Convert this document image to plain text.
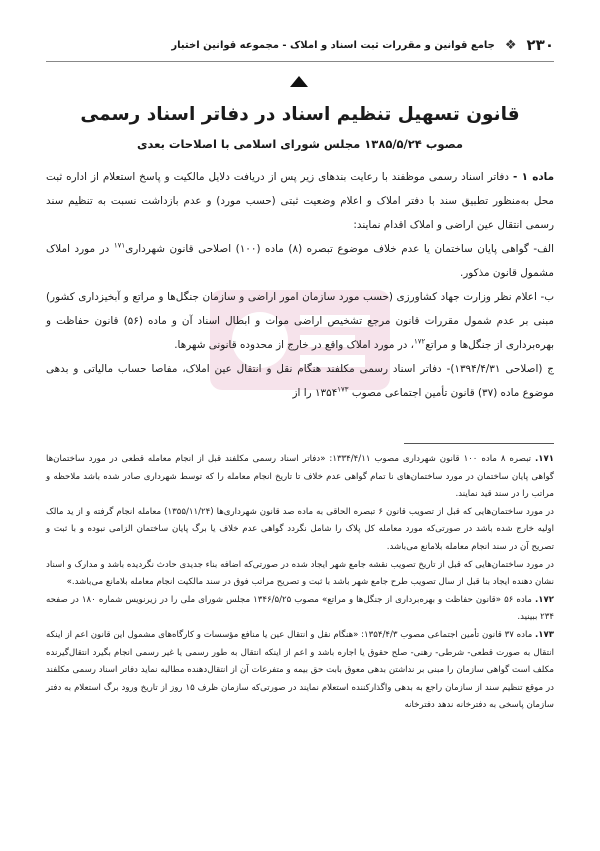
۲۳۰
❖
جامع قوانین و مقررات ثبت اسناد و املاک - مجموعه قوانین اختبار
قانون تسهیل تنظیم اسناد در دفاتر اسناد رسمی
مصوب ۱۳۸۵/۵/۲۴ مجلس شورای اسلامی با اصلاحات بعدی

ماده ۱ - دفاتر اسناد رسمی موظفند با رعایت بندهای زیر پس از دریافت دلایل مالکیت و پاسخ استعلام از اداره ثبت محل به‌منظور تطبیق سند با دفتر املاک و اعلام وضعیت ثبتی (حسب مورد) و عدم بازداشت نسبت به تنظیم سند رسمی انتقال عین اراضی و املاک اقدام نمایند:

الف- گواهی پایان ساختمان یا عدم خلاف موضوع تبصره (۸) ماده (۱۰۰) اصلاحی قانون شهرداری$^{۱۷۱}$ در مورد املاک مشمول قانون مذکور.

ب- اعلام نظر وزارت جهاد کشاورزی (حسب مورد سازمان امور اراضی و سازمان جنگل‌ها و مراتع و آبخیزداری کشور) مبنی بر عدم شمول مقررات قانون مرجع تشخیص اراضی موات و ابطال اسناد آن و ماده (۵۶) قانون حفاظت و بهره‌برداری از جنگل‌ها و مراتع$^{۱۷۲}$، در مورد املاک واقع در خارج از محدوده قانونی شهرها.

ج (اصلاحی ۱۳۹۴/۴/۳۱)- دفاتر اسناد رسمی مکلفند هنگام نقل و انتقال عین املاک، مفاصا حساب مالیاتی و بدهی موضوع ماده (۳۷) قانون تأمین اجتماعی مصوب ۱۳۵۴$^{۱۷۳}$ را از

۱۷۱. تبصره ۸ ماده ۱۰۰ قانون شهرداری مصوب ۱۳۳۴/۴/۱۱: «دفاتر اسناد رسمی مکلفند قبل از انجام معامله قطعی در مورد ساختمان‌ها گواهی پایان ساختمان در مورد ساختمان‌های نا تمام گواهی عدم خلاف تا تاریخ انجام معامله را که توسط شهرداری صادر شده باشد ملاحظه و مراتب را در سند قید نمایند.

در مورد ساختمان‌هایی که قبل از تصویب قانون ۶ تبصره الحاقی به ماده صد قانون شهرداری‌ها (۱۳۵۵/۱۱/۲۴) معامله انجام گرفته و از ید مالک اولیه خارج شده باشد در صورتی‌که مورد معامله کل پلاک را شامل نگردد گواهی عدم خلاف یا برگ پایان ساختمان الزامی نبوده و با ثبت و تصریح آن در سند انجام معامله بلامانع می‌باشد.

در مورد ساختمان‌هایی که قبل از تاریخ تصویب نقشه جامع شهر ایجاد شده در صورتی‌که اضافه بناء جدیدی حادث نگردیده باشد و مدارک و اسناد نشان دهنده ایجاد بنا قبل از سال تصویب طرح جامع شهر باشد با ثبت و تصریح مراتب فوق در سند مالکیت انجام معامله بلامانع می‌باشد.»

۱۷۲. ماده ۵۶ «قانون حفاظت و بهره‌برداری از جنگل‌ها و مراتع» مصوب ۱۳۴۶/۵/۲۵ مجلس شورای ملی را در زیرنویس شماره ۱۸۰ در صفحه ۲۳۴ ببینید.

۱۷۳. ماده ۳۷ قانون تأمین اجتماعی مصوب ۱۳۵۴/۴/۳: «هنگام نقل و انتقال عین یا منافع مؤسسات و کارگاه‌های مشمول این قانون اعم از اینکه انتقال به صورت قطعی- شرطی- رهنی- صلح حقوق یا اجاره باشد و اعم از اینکه انتقال به طور رسمی یا غیر رسمی انجام بگیرد انتقال‌گیرنده مکلف است گواهی سازمان را مبنی بر نداشتن بدهی معوق بابت حق بیمه و متفرعات آن از انتقال‌دهنده مطالبه نماید دفاتر اسناد رسمی مکلفند در موقع تنظیم سند از سازمان راجع به بدهی واگذارکننده استعلام نمایند در صورتی‌که سازمان ظرف ۱۵ روز از تاریخ ورود برگ استعلام به دفتر سازمان پاسخی به دفترخانه ندهد دفترخانه
